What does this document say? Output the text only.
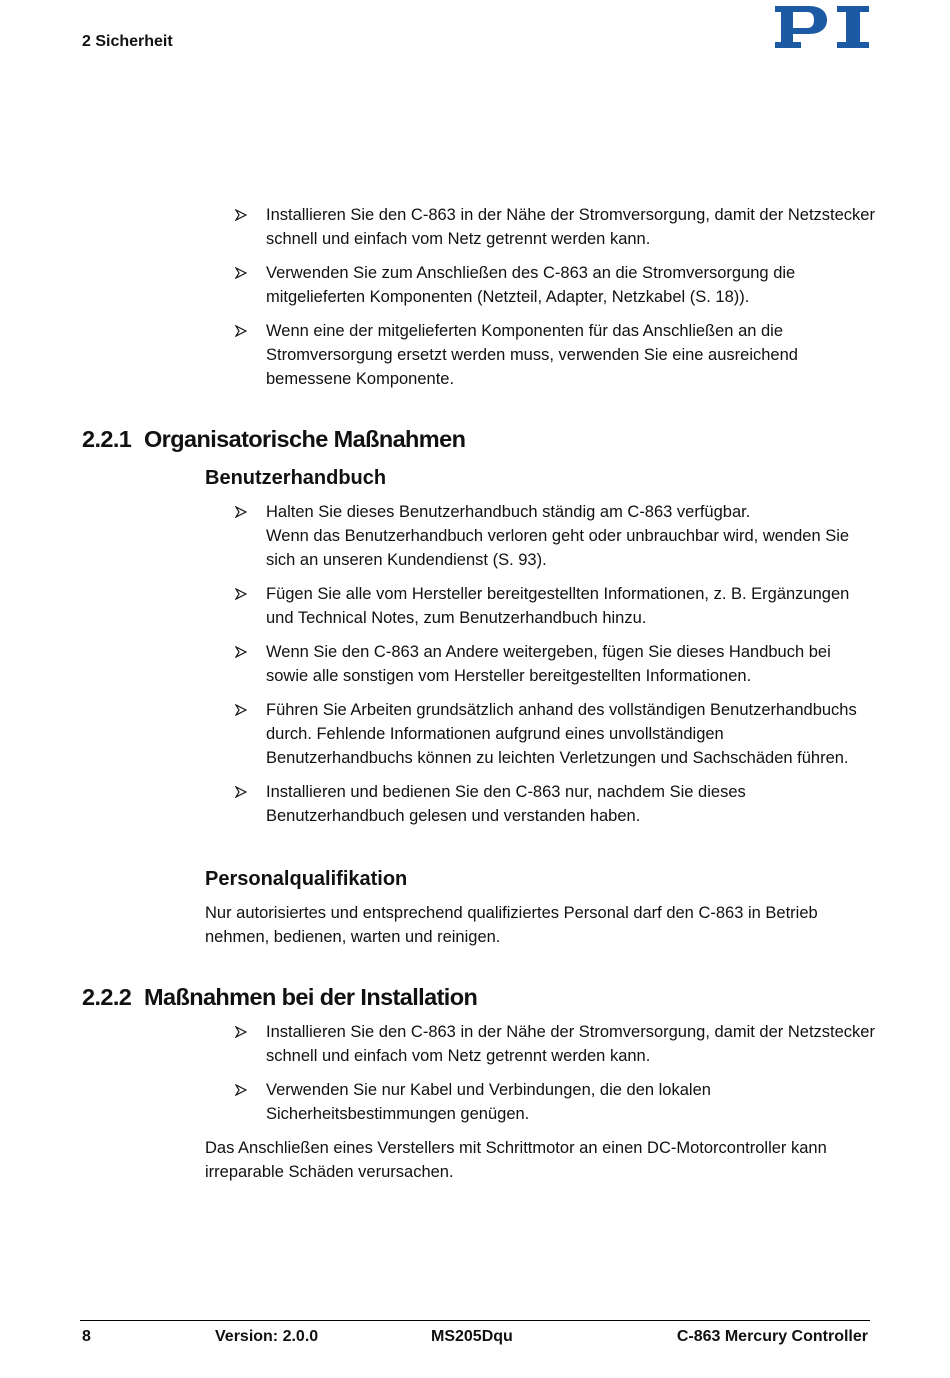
2 Sicherheit
Installieren Sie den C-863 in der Nähe der Stromversorgung, damit der Netzstecker schnell und einfach vom Netz getrennt werden kann.
Verwenden Sie zum Anschließen des C-863 an die Stromversorgung die mitgelieferten Komponenten (Netzteil, Adapter, Netzkabel (S. 18)).
Wenn eine der mitgelieferten Komponenten für das Anschließen an die Stromversorgung ersetzt werden muss, verwenden Sie eine ausreichend bemessene Komponente.
2.2.1 Organisatorische Maßnahmen
Benutzerhandbuch
Halten Sie dieses Benutzerhandbuch ständig am C-863 verfügbar.
Wenn das Benutzerhandbuch verloren geht oder unbrauchbar wird, wenden Sie sich an unseren Kundendienst (S. 93).
Fügen Sie alle vom Hersteller bereitgestellten Informationen, z. B. Ergänzungen und Technical Notes, zum Benutzerhandbuch hinzu.
Wenn Sie den C-863 an Andere weitergeben, fügen Sie dieses Handbuch bei sowie alle sonstigen vom Hersteller bereitgestellten Informationen.
Führen Sie Arbeiten grundsätzlich anhand des vollständigen Benutzerhandbuchs durch. Fehlende Informationen aufgrund eines unvollständigen Benutzerhandbuchs können zu leichten Verletzungen und Sachschäden führen.
Installieren und bedienen Sie den C-863 nur, nachdem Sie dieses Benutzerhandbuch gelesen und verstanden haben.
Personalqualifikation
Nur autorisiertes und entsprechend qualifiziertes Personal darf den C-863 in Betrieb nehmen, bedienen, warten und reinigen.
2.2.2 Maßnahmen bei der Installation
Installieren Sie den C-863 in der Nähe der Stromversorgung, damit der Netzstecker schnell und einfach vom Netz getrennt werden kann.
Verwenden Sie nur Kabel und Verbindungen, die den lokalen Sicherheitsbestimmungen genügen.
Das Anschließen eines Verstellers mit Schrittmotor an einen DC-Motorcontroller kann irreparable Schäden verursachen.
8	Version: 2.0.0	MS205Dqu	C-863 Mercury Controller
